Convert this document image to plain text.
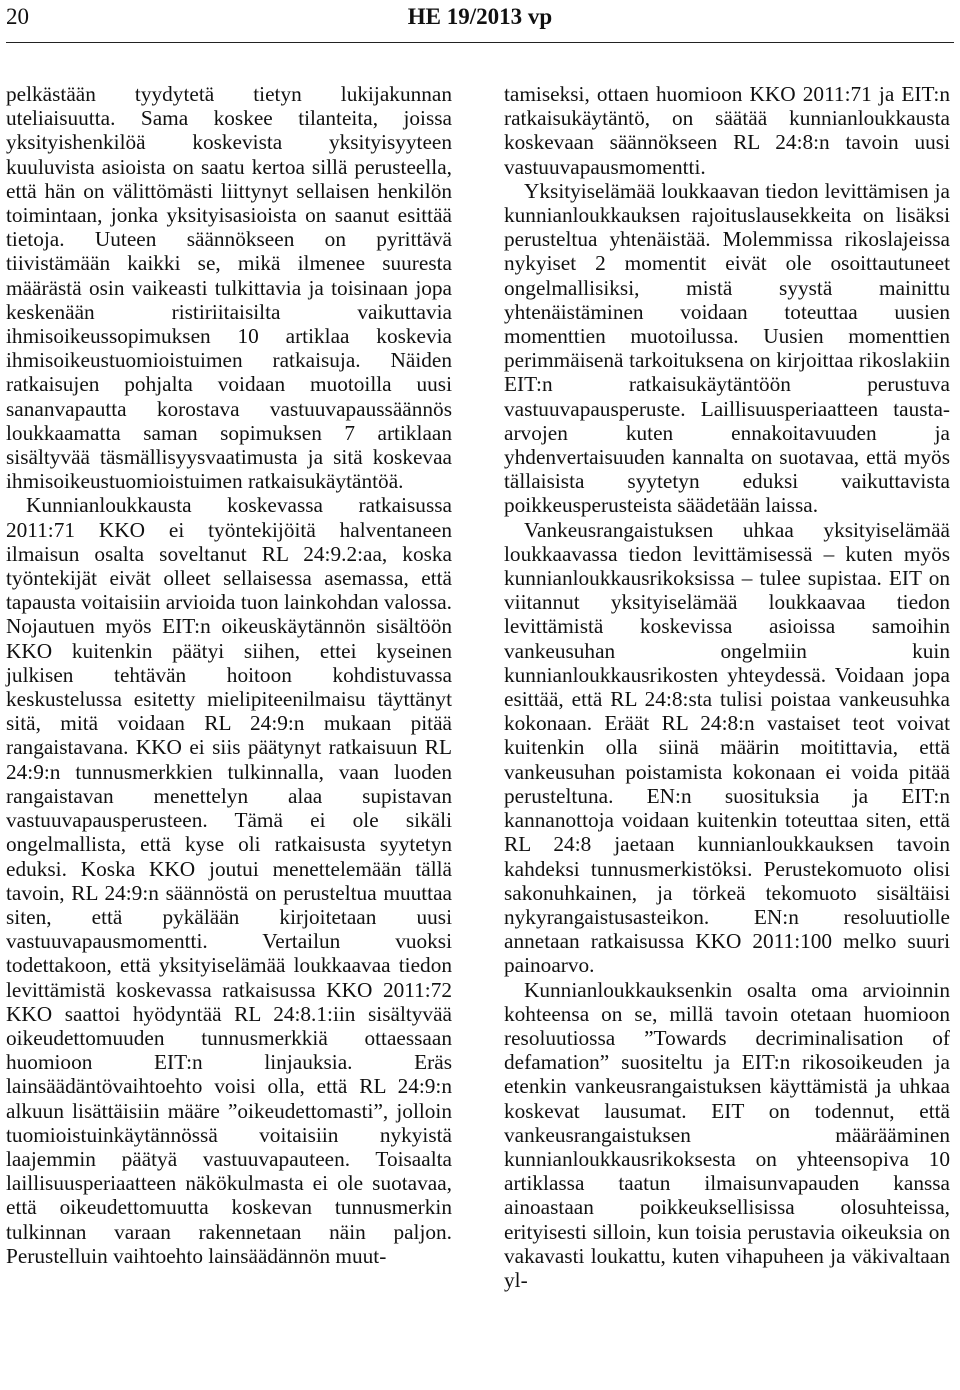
20	HE 19/2013 vp

pelkästään tyydytetä tietyn lukijakunnan uteliaisuutta. Sama koskee tilanteita, joissa yksityishenkilöä koskevista yksityisyyteen kuuluvista asioista on saatu kertoa sillä perusteella, että hän on välittömästi liittynyt sellaisen henkilön toimintaan, jonka yksityisasioista on saanut esittää tietoja. Uuteen säännökseen on pyrittävä tiivistämään kaikki se, mikä ilmenee suuresta määrästä osin vaikeasti tulkittavia ja toisinaan jopa keskenään ristiriitaisilta vaikuttavia ihmisoikeussopimuksen 10 artiklaa koskevia ihmisoikeustuomioistuimen ratkaisuja. Näiden ratkaisujen pohjalta voidaan muotoilla uusi sananvapautta korostava vastuuvapaussäännös loukkaamatta saman sopimuksen 7 artiklaan sisältyvää täsmällisyysvaatimusta ja sitä koskevaa ihmisoikeustuomioistuimen ratkaisukäytäntöä.

Kunnianloukkausta koskevassa ratkaisussa 2011:71 KKO ei työntekijöitä halventaneen ilmaisun osalta soveltanut RL 24:9.2:aa, koska työntekijät eivät olleet sellaisessa asemassa, että tapausta voitaisiin arvioida tuon lainkohdan valossa. Nojautuen myös EIT:n oikeuskäytännön sisältöön KKO kuitenkin päätyi siihen, ettei kyseinen julkisen tehtävän hoitoon kohdistuvassa keskustelussa esitetty mielipiteenilmaisu täyttänyt sitä, mitä voidaan RL 24:9:n mukaan pitää rangaistavana. KKO ei siis päätynyt ratkaisuun RL 24:9:n tunnusmerkkien tulkinnalla, vaan luoden rangaistavan menettelyn alaa supistavan vastuuvapausperusteen. Tämä ei ole sikäli ongelmallista, että kyse oli ratkaisusta syytetyn eduksi. Koska KKO joutui menettelemään tällä tavoin, RL 24:9:n säännöstä on perusteltua muuttaa siten, että pykälään kirjoitetaan uusi vastuuvapausmomentti. Vertailun vuoksi todettakoon, että yksityiselämää loukkaavaa tiedon levittämistä koskevassa ratkaisussa KKO 2011:72 KKO saattoi hyödyntää RL 24:8.1:iin sisältyvää oikeudettomuuden tunnusmerkkiä ottaessaan huomioon EIT:n linjauksia. Eräs lainsäädäntövaihtoehto voisi olla, että RL 24:9:n alkuun lisättäisiin määre ”oikeudettomasti”, jolloin tuomioistuinkäytännössä voitaisiin nykyistä laajemmin päätyä vastuuvapauteen. Toisaalta laillisuusperiaatteen näkökulmasta ei ole suotavaa, että oikeudettomuutta koskevan tunnusmerkin tulkinnan varaan rakennetaan näin paljon. Perustelluin vaihtoehto lainsäädännön muut-

tamiseksi, ottaen huomioon KKO 2011:71 ja EIT:n ratkaisukäytäntö, on säätää kunnianloukkausta koskevaan säännökseen RL 24:8:n tavoin uusi vastuuvapausmomentti.

Yksityiselämää loukkaavan tiedon levittämisen ja kunnianloukkauksen rajoituslausekkeita on lisäksi perusteltua yhtenäistää. Molemmissa rikoslajeissa nykyiset 2 momentit eivät ole osoittautuneet ongelmallisiksi, mistä syystä mainittu yhtenäistäminen voidaan toteuttaa uusien momenttien muotoilussa. Uusien momenttien perimmäisenä tarkoituksena on kirjoittaa rikoslakiin EIT:n ratkaisukäytäntöön perustuva vastuuvapausperuste. Laillisuusperiaatteen tausta-arvojen kuten ennakoitavuuden ja yhdenvertaisuuden kannalta on suotavaa, että myös tällaisista syytetyn eduksi vaikuttavista poikkeusperusteista säädetään laissa.

Vankeusrangaistuksen uhkaa yksityiselämää loukkaavassa tiedon levittämisessä – kuten myös kunnianloukkausrikoksissa – tulee supistaa. EIT on viitannut yksityiselämää loukkaavaa tiedon levittämistä koskevissa asioissa samoihin vankeusuhan ongelmiin kuin kunnianloukkausrikosten yhteydessä. Voidaan jopa esittää, että RL 24:8:sta tulisi poistaa vankeusuhka kokonaan. Eräät RL 24:8:n vastaiset teot voivat kuitenkin olla siinä määrin moitittavia, että vankeusuhan poistamista kokonaan ei voida pitää perusteltuna. EN:n suosituksia ja EIT:n kannanottoja voidaan kuitenkin toteuttaa siten, että RL 24:8 jaetaan kunnianloukkauksen tavoin kahdeksi tunnusmerkistöksi. Perustekomuoto olisi sakonuhkainen, ja törkeä tekomuoto sisältäisi nykyrangaistusasteikon. EN:n resoluutiolle annetaan ratkaisussa KKO 2011:100 melko suuri painoarvo.

Kunnianloukkauksenkin osalta oma arvioinnin kohteensa on se, millä tavoin otetaan huomioon resoluutiossa ”Towards decriminalisation of defamation” suositeltu ja EIT:n rikosoikeuden ja etenkin vankeusrangaistuksen käyttämistä ja uhkaa koskevat lausumat. EIT on todennut, että vankeusrangaistuksen määrääminen kunnianloukkausrikoksesta on yhteensopiva 10 artiklassa taatun ilmaisunvapauden kanssa ainoastaan poikkeuksellisissa olosuhteissa, erityisesti silloin, kun toisia perustavia oikeuksia on vakavasti loukattu, kuten vihapuheen ja väkivaltaan yl-
